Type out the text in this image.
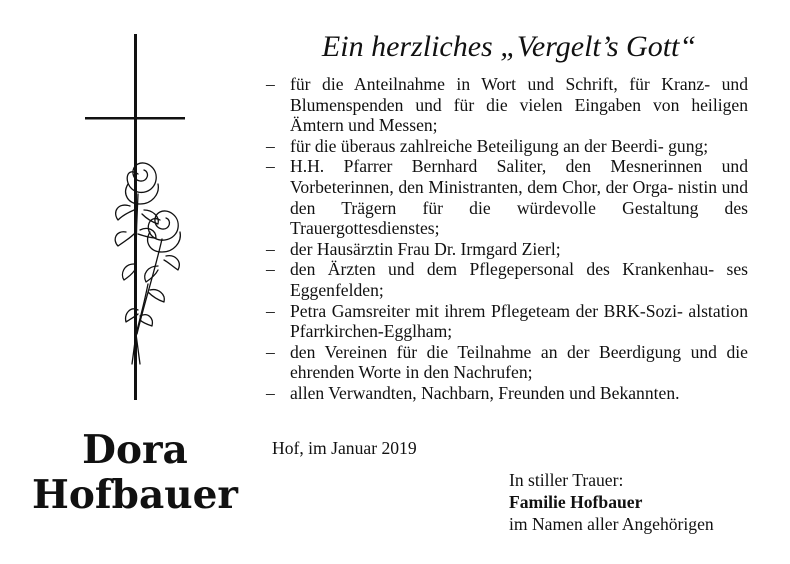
Dora
Hofbauer
Ein herzliches „Vergelt’s Gott“
– für die Anteilnahme in Wort und Schrift, für Kranz- und Blumenspenden und für die vielen Eingaben von heiligen Ämtern und Messen;
– für die überaus zahlreiche Beteiligung an der Beerdi- gung;
– H.H. Pfarrer Bernhard Saliter, den Mesnerinnen und Vorbeterinnen, den Ministranten, dem Chor, der Orga- nistin und den Trägern für die würdevolle Gestaltung des Trauergottesdienstes;
– der Hausärztin Frau Dr. Irmgard Zierl;
– den Ärzten und dem Pflegepersonal des Krankenhau- ses Eggenfelden;
– Petra Gamsreiter mit ihrem Pflegeteam der BRK-Sozi- alstation Pfarrkirchen-Egglham;
– den Vereinen für die Teilnahme an der Beerdigung und die ehrenden Worte in den Nachrufen;
– allen Verwandten, Nachbarn, Freunden und Bekannten.
Hof, im Januar 2019
In stiller Trauer:
Familie Hofbauer
im Namen aller Angehörigen
